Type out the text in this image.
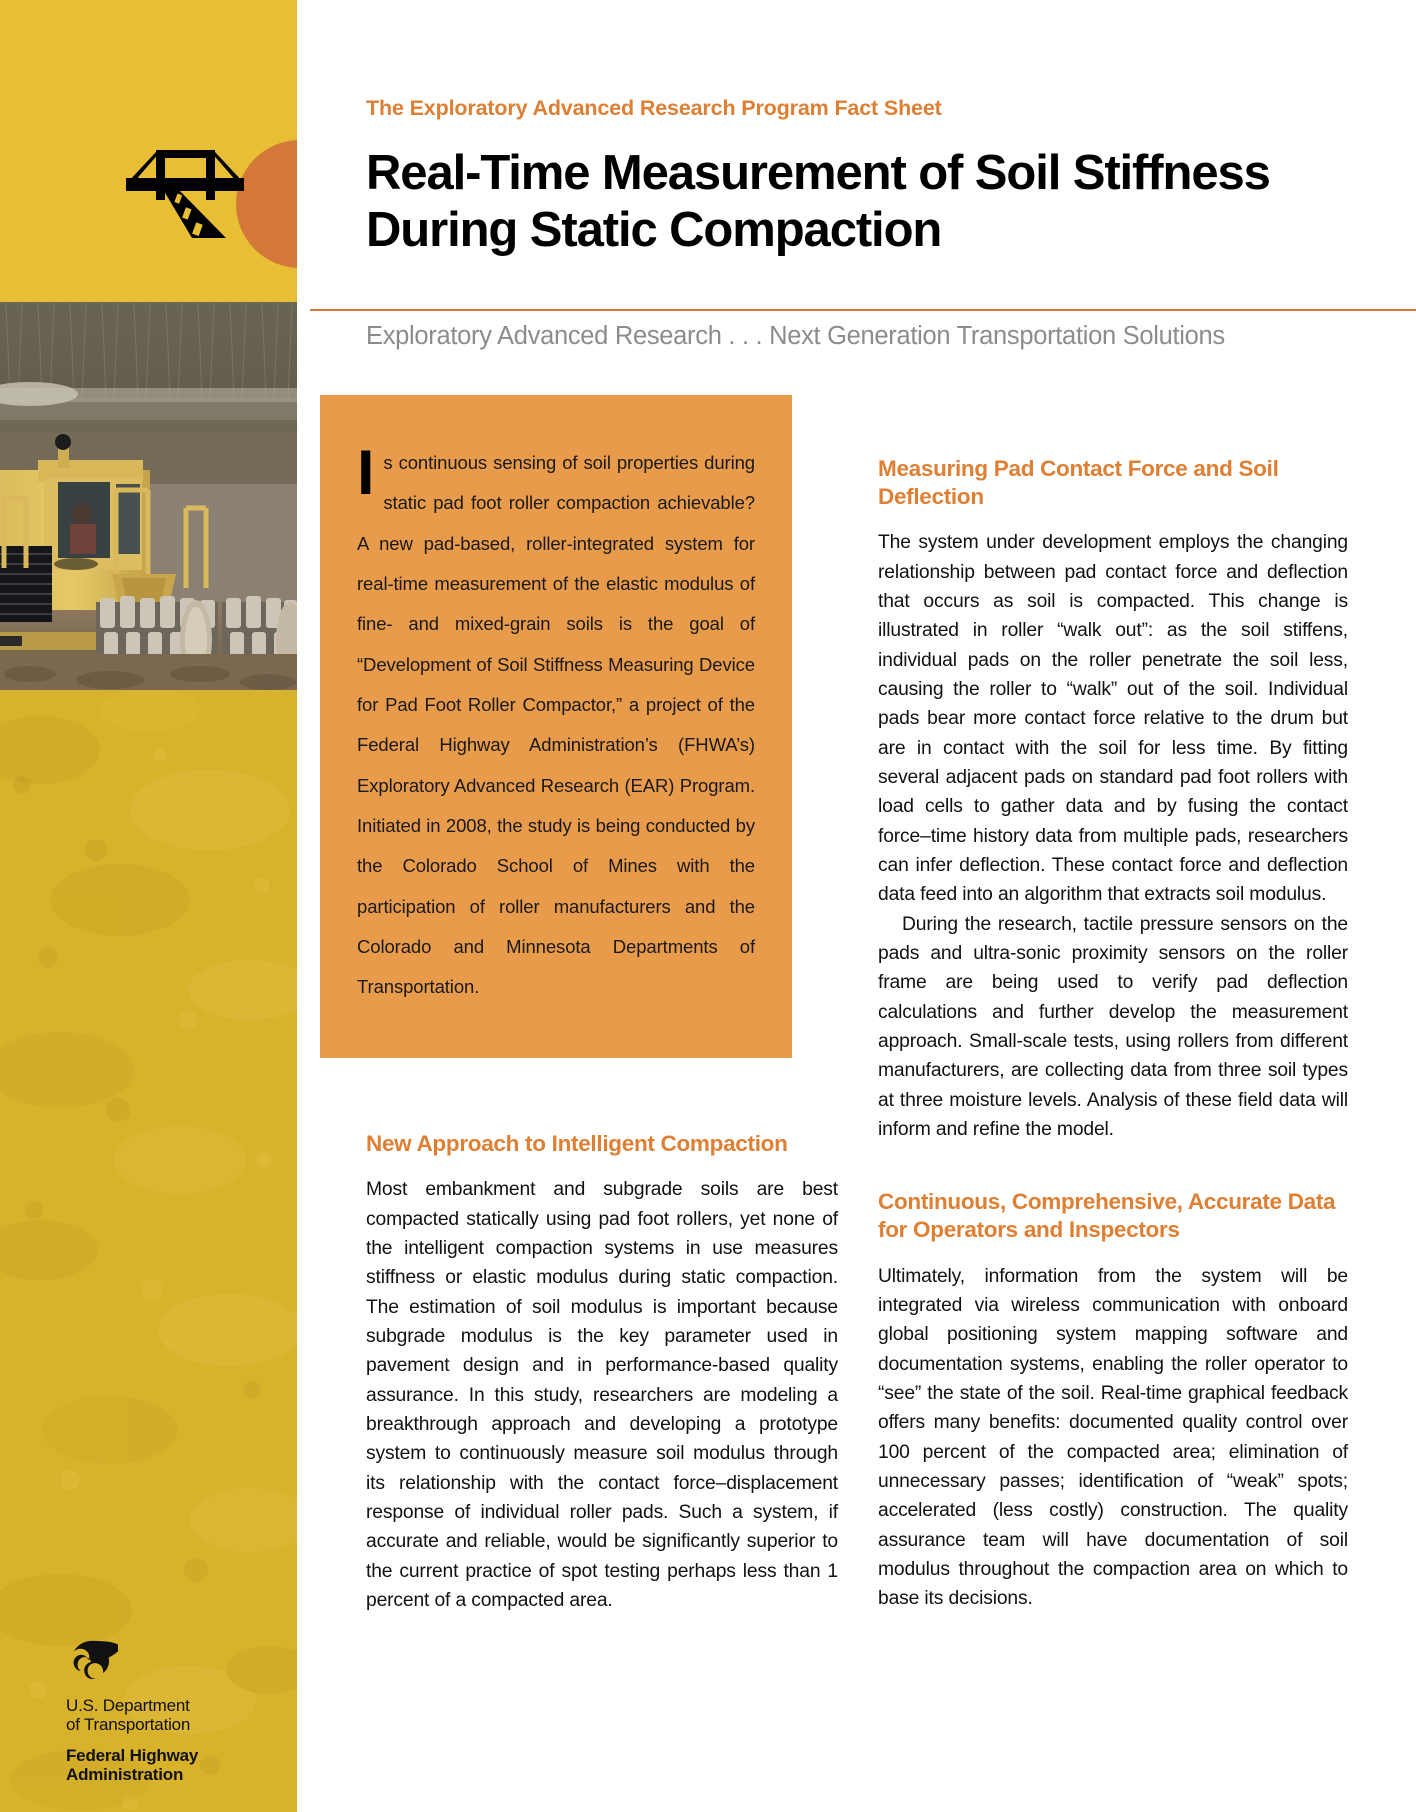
U.S. Department
of Transportation
Federal Highway
Administration
The Exploratory Advanced Research Program Fact Sheet
Real-Time Measurement of Soil Stiffness During Static Compaction
Exploratory Advanced Research . . . Next Generation Transportation Solutions

Is continuous sensing of soil properties during static pad foot roller compaction achievable? A new pad-based, roller-integrated system for real-time measurement of the elastic modulus of fine- and mixed-grain soils is the goal of “Development of Soil Stiffness Measuring Device for Pad Foot Roller Compactor,” a project of the Federal Highway Administration’s (FHWA’s) Exploratory Advanced Research (EAR) Program. Initiated in 2008, the study is being conducted by the Colorado School of Mines with the participation of roller manufacturers and the Colorado and Minnesota Departments of Transportation.

New Approach to Intelligent Compaction

Most embankment and subgrade soils are best compacted statically using pad foot rollers, yet none of the intelligent compaction systems in use measures stiffness or elastic modulus during static compaction. The estimation of soil modulus is important because subgrade modulus is the key parameter used in pavement design and in performance-based quality assurance. In this study, researchers are modeling a breakthrough approach and developing a prototype system to continuously measure soil modulus through its relationship with the contact force–displacement response of individual roller pads. Such a system, if accurate and reliable, would be significantly superior to the current practice of spot testing perhaps less than 1 percent of a compacted area.

Measuring Pad Contact Force and Soil Deflection

The system under development employs the changing relationship between pad contact force and deflection that occurs as soil is compacted. This change is illustrated in roller “walk out”: as the soil stiffens, individual pads on the roller penetrate the soil less, causing the roller to “walk” out of the soil. Individual pads bear more contact force relative to the drum but are in contact with the soil for less time. By fitting several adjacent pads on standard pad foot rollers with load cells to gather data and by fusing the contact force–time history data from multiple pads, researchers can infer deflection. These contact force and deflection data feed into an algorithm that extracts soil modulus.

During the research, tactile pressure sensors on the pads and ultra-sonic proximity sensors on the roller frame are being used to verify pad deflection calculations and further develop the measurement approach. Small-scale tests, using rollers from different manufacturers, are collecting data from three soil types at three moisture levels. Analysis of these field data will inform and refine the model.

Continuous, Comprehensive, Accurate Data for Operators and Inspectors

Ultimately, information from the system will be integrated via wireless communication with onboard global positioning system mapping software and documentation systems, enabling the roller operator to “see” the state of the soil. Real-time graphical feedback offers many benefits: documented quality control over 100 percent of the compacted area; elimination of unnecessary passes; identification of “weak” spots; accelerated (less costly) construction. The quality assurance team will have documentation of soil modulus throughout the compaction area on which to base its decisions.
